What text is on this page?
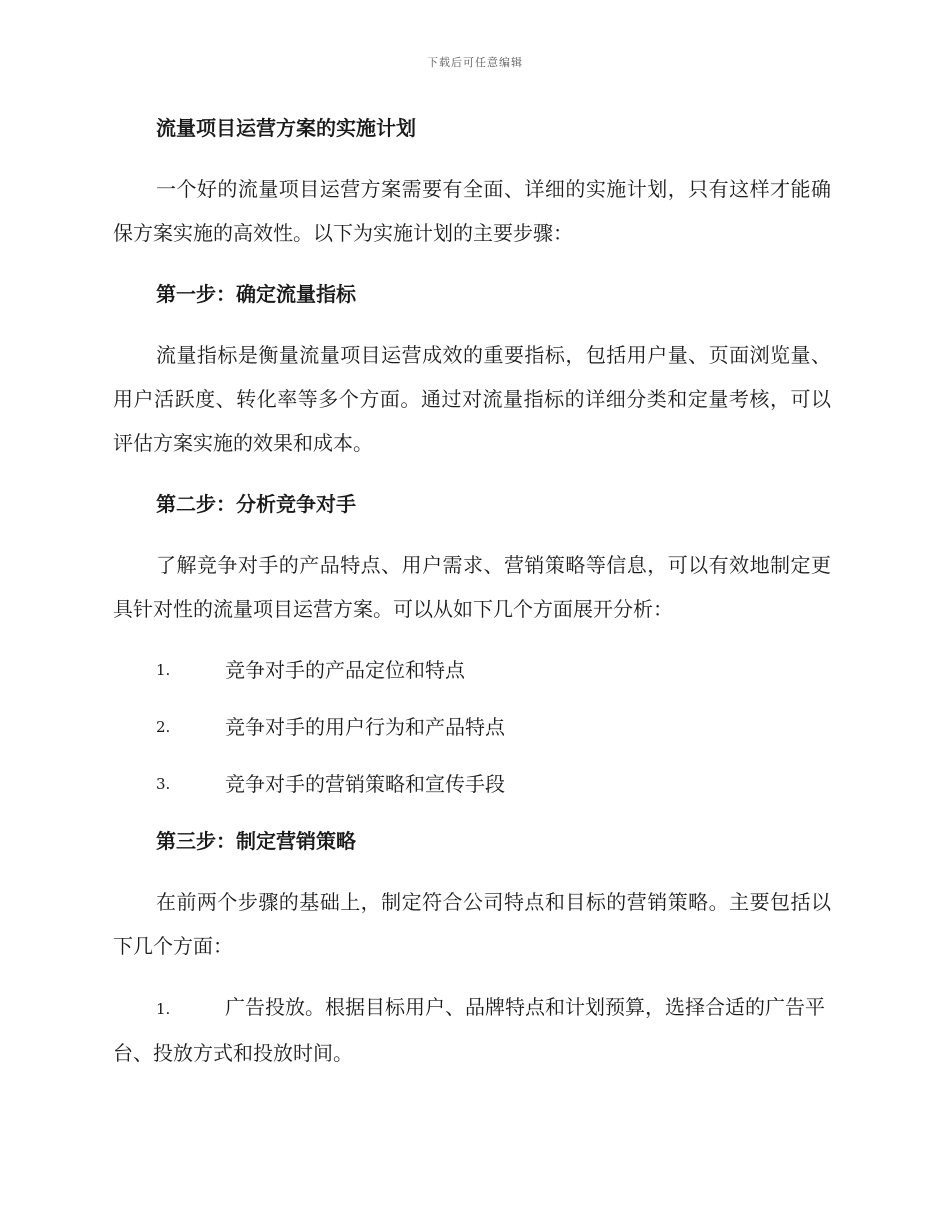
下载后可任意编辑
流量项目运营方案的实施计划
一个好的流量项目运营方案需要有全面、详细的实施计划，只有这样才能确保方案实施的高效性。以下为实施计划的主要步骤：
第一步：确定流量指标
流量指标是衡量流量项目运营成效的重要指标，包括用户量、页面浏览量、用户活跃度、转化率等多个方面。通过对流量指标的详细分类和定量考核，可以评估方案实施的效果和成本。
第二步：分析竞争对手
了解竞争对手的产品特点、用户需求、营销策略等信息，可以有效地制定更具针对性的流量项目运营方案。可以从如下几个方面展开分析：
1.	竞争对手的产品定位和特点
2.	竞争对手的用户行为和产品特点
3.	竞争对手的营销策略和宣传手段
第三步：制定营销策略
在前两个步骤的基础上，制定符合公司特点和目标的营销策略。主要包括以下几个方面：
1.	广告投放。根据目标用户、品牌特点和计划预算，选择合适的广告平台、投放方式和投放时间。
